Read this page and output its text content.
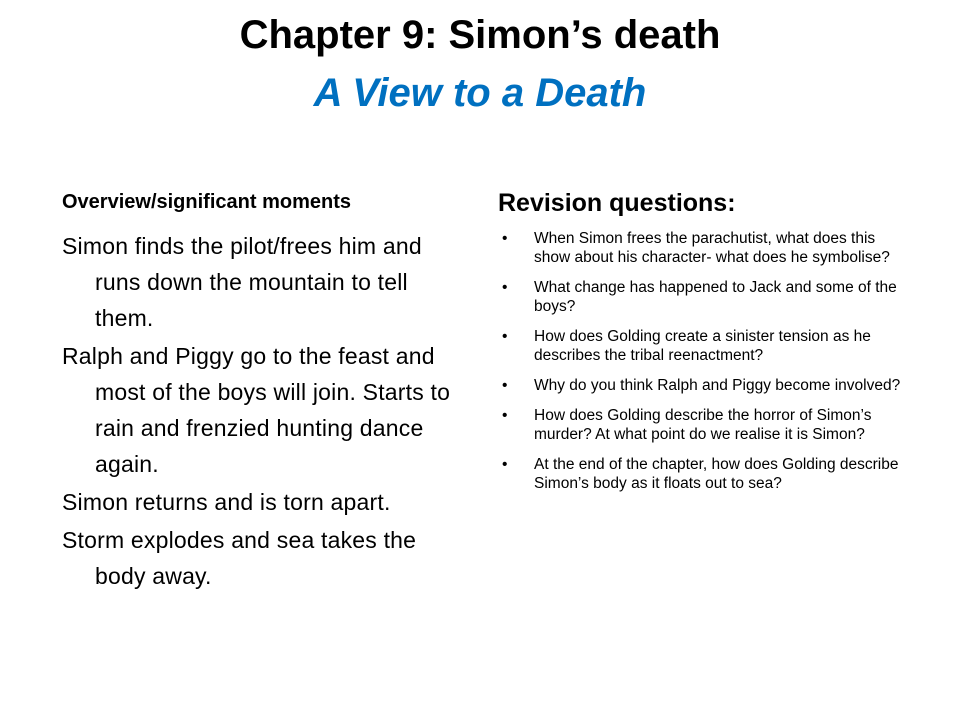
Chapter 9: Simon’s death
A View to a Death
Overview/significant moments

Simon finds the pilot/frees him and runs down the mountain to tell them.

Ralph and Piggy go to the feast and most of the boys will join. Starts to rain and frenzied hunting dance again.

Simon returns and is torn apart.

Storm explodes and sea takes the body away.

Revision questions:
• When Simon frees the parachutist, what does this show about his character- what does he symbolise?
• What change has happened to Jack and some of the boys?
• How does Golding create a sinister tension as he describes the tribal reenactment?
• Why do you think Ralph and Piggy become involved?
• How does Golding describe the horror of Simon’s murder? At what point do we realise it is Simon?
• At the end of the chapter, how does Golding describe Simon’s body as it floats out to sea?
